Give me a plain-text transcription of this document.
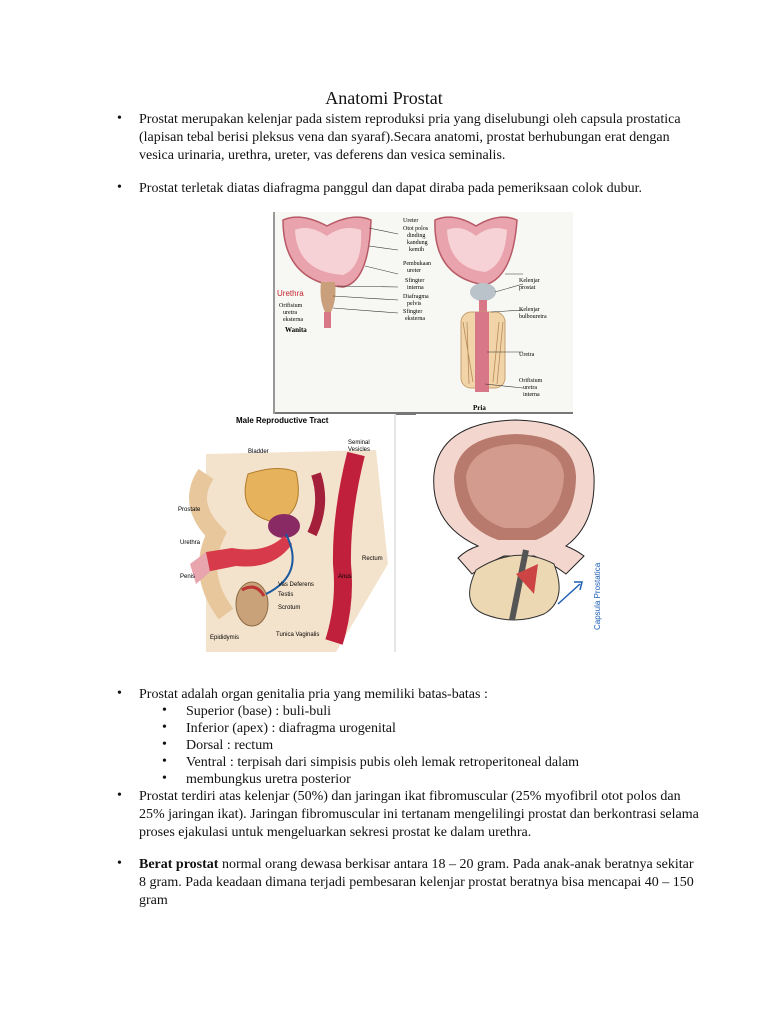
Anatomi Prostat
• Prostat merupakan kelenjar pada sistem reproduksi pria yang diselubungi oleh capsula prostatica (lapisan tebal berisi pleksus vena dan syaraf).Secara anatomi, prostat berhubungan erat dengan vesica urinaria, urethra, ureter, vas deferens dan vesica seminalis.
• Prostat terletak diatas diafragma panggul dan dapat diraba pada pemeriksaan colok dubur.
Ureter
Otot polos
dinding
kandung
kemih
Pembukaan
ureter
Sfingter
interna
Diafragma
pelvis
Sfingter
eksterna
Urethra
Orifisium
uretra
eksterna
Wanita
Kelenjar
prostat
Kelenjar
bulbouretra
Uretra
Orifisium
uretra
interna
Pria
Male Reproductive Tract
Bladder
Seminal
Vesicles
Prostate
Urethra
Rectum
Penis	Anus
Vas Deferens
Testis
Scrotum
Epididymis	Tunica Vaginalis
Capsula Prostatica
• Prostat adalah organ genitalia pria yang memiliki batas-batas :
• Superior (base) : buli-buli
• Inferior (apex) : diafragma urogenital
• Dorsal : rectum
• Ventral : terpisah dari simpisis pubis oleh lemak retroperitoneal dalam
• membungkus uretra posterior
• Prostat terdiri atas kelenjar (50%) dan jaringan ikat fibromuscular (25% myofibril otot polos dan 25% jaringan ikat). Jaringan fibromuscular ini tertanam mengelilingi prostat dan berkontrasi selama proses ejakulasi untuk mengeluarkan sekresi prostat ke dalam urethra.
• Berat prostat normal orang dewasa berkisar antara 18 – 20 gram. Pada anak-anak beratnya sekitar 8 gram. Pada keadaan dimana terjadi pembesaran kelenjar prostat beratnya bisa mencapai 40 – 150 gram
